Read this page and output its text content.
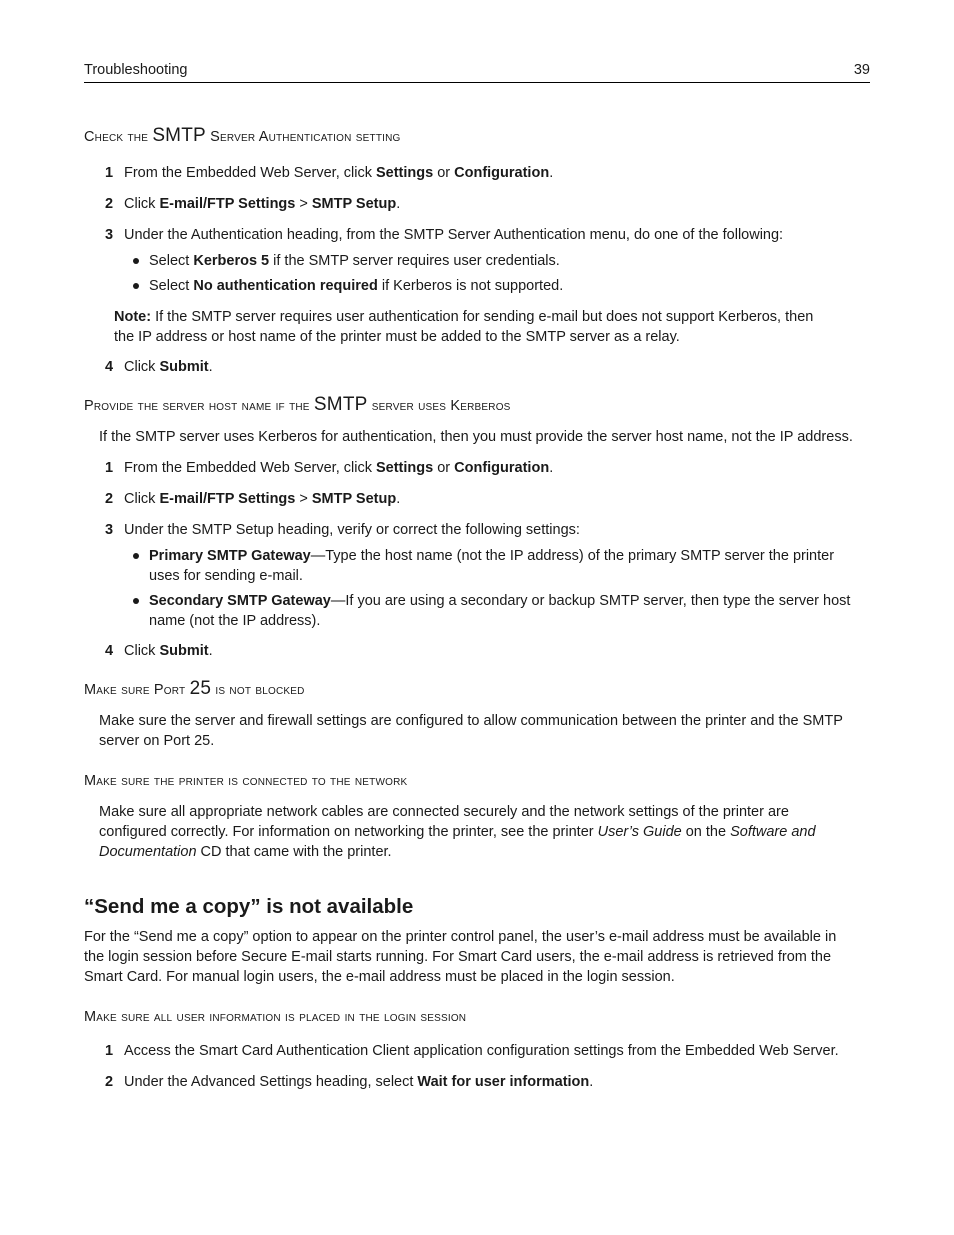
Troubleshooting	39
Check the SMTP Server Authentication setting

1 From the Embedded Web Server, click Settings or Configuration.

2 Click E-mail/FTP Settings > SMTP Setup.

3 Under the Authentication heading, from the SMTP Server Authentication menu, do one of the following:

Select Kerberos 5 if the SMTP server requires user credentials.

Select No authentication required if Kerberos is not supported.

Note: If the SMTP server requires user authentication for sending e-mail but does not support Kerberos, then
the IP address or host name of the printer must be added to the SMTP server as a relay.

4 Click Submit.

Provide the server host name if the SMTP server uses Kerberos

If the SMTP server uses Kerberos for authentication, then you must provide the server host name, not the IP address.

1 From the Embedded Web Server, click Settings or Configuration.

2 Click E-mail/FTP Settings > SMTP Setup.

3 Under the SMTP Setup heading, verify or correct the following settings:

Primary SMTP Gateway—Type the host name (not the IP address) of the primary SMTP server the printer
uses for sending e-mail.

Secondary SMTP Gateway—If you are using a secondary or backup SMTP server, then type the server host
name (not the IP address).

4 Click Submit.

Make sure Port 25 is not blocked

Make sure the server and firewall settings are configured to allow communication between the printer and the SMTP
server on Port 25.

Make sure the printer is connected to the network

Make sure all appropriate network cables are connected securely and the network settings of the printer are
configured correctly. For information on networking the printer, see the printer User’s Guide on the Software and
Documentation CD that came with the printer.

“Send me a copy” is not available

For the “Send me a copy” option to appear on the printer control panel, the user’s e-mail address must be available in
the login session before Secure E-mail starts running. For Smart Card users, the e-mail address is retrieved from the
Smart Card. For manual login users, the e-mail address must be placed in the login session.

Make sure all user information is placed in the login session

1 Access the Smart Card Authentication Client application configuration settings from the Embedded Web Server.

2 Under the Advanced Settings heading, select Wait for user information.
